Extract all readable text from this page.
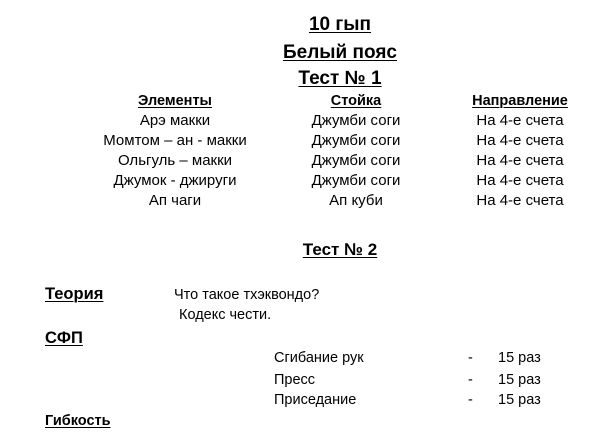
10 гып
Белый пояс
Тест № 1
Элементы	Стойка	Направление
Арэ макки	Джумби соги	На 4-е счета
Момтом – ан - макки	Джумби соги	На 4-е счета
Ольгуль – макки	Джумби соги	На 4-е счета
Джумок - джируги	Джумби соги	На 4-е счета
Ап чаги	Ап куби	На 4-е счета
Тест № 2
Теория	Что такое тхэквондо?
Кодекс чести.
СФП
Сгибание рук	- 15 раз
Пресс	- 15 раз
Приседание	- 15 раз
Гибкость
